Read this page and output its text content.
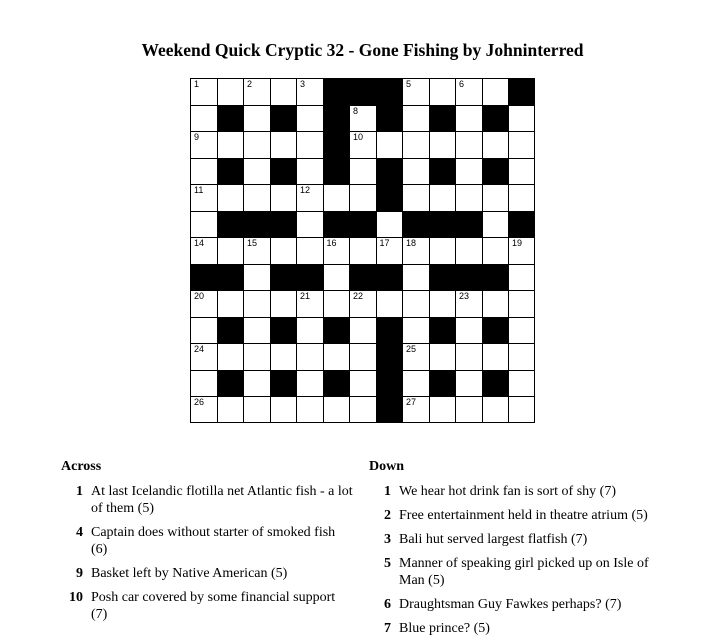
Weekend Quick Cryptic 32 - Gone Fishing by Johninterred
1	2	3	5	6
8
9	10
11	12
14	15	16	17 18	19
20	21	22	23
24	25
26	27
Across
1 At last Icelandic flotilla net Atlantic fish - a lot of them (5)
4 Captain does without starter of smoked fish (6)
9 Basket left by Native American (5)
10 Posh car covered by some financial support (7)
Down
1 We hear hot drink fan is sort of shy (7)
2 Free entertainment held in theatre atrium (5)
3 Bali hut served largest flatfish (7)
5 Manner of speaking girl picked up on Isle of Man (5)
6 Draughtsman Guy Fawkes perhaps? (7)
7 Blue prince? (5)
